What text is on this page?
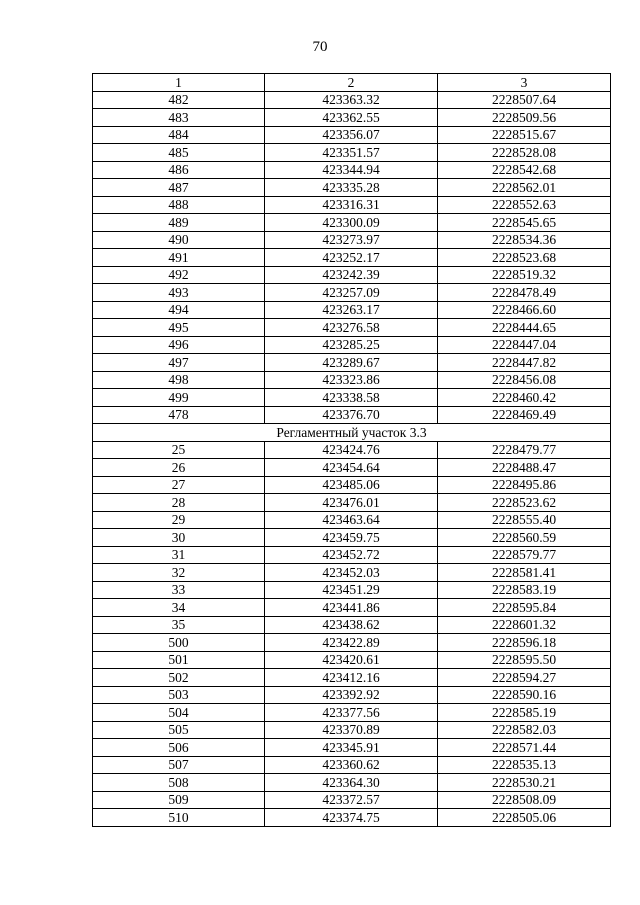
70
1	2	3
482	423363.32	2228507.64
483	423362.55	2228509.56
484	423356.07	2228515.67
485	423351.57	2228528.08
486	423344.94	2228542.68
487	423335.28	2228562.01
488	423316.31	2228552.63
489	423300.09	2228545.65
490	423273.97	2228534.36
491	423252.17	2228523.68
492	423242.39	2228519.32
493	423257.09	2228478.49
494	423263.17	2228466.60
495	423276.58	2228444.65
496	423285.25	2228447.04
497	423289.67	2228447.82
498	423323.86	2228456.08
499	423338.58	2228460.42
478	423376.70	2228469.49
Регламентный участок 3.3		
25	423424.76	2228479.77
26	423454.64	2228488.47
27	423485.06	2228495.86
28	423476.01	2228523.62
29	423463.64	2228555.40
30	423459.75	2228560.59
31	423452.72	2228579.77
32	423452.03	2228581.41
33	423451.29	2228583.19
34	423441.86	2228595.84
35	423438.62	2228601.32
500	423422.89	2228596.18
501	423420.61	2228595.50
502	423412.16	2228594.27
503	423392.92	2228590.16
504	423377.56	2228585.19
505	423370.89	2228582.03
506	423345.91	2228571.44
507	423360.62	2228535.13
508	423364.30	2228530.21
509	423372.57	2228508.09
510	423374.75	2228505.06
